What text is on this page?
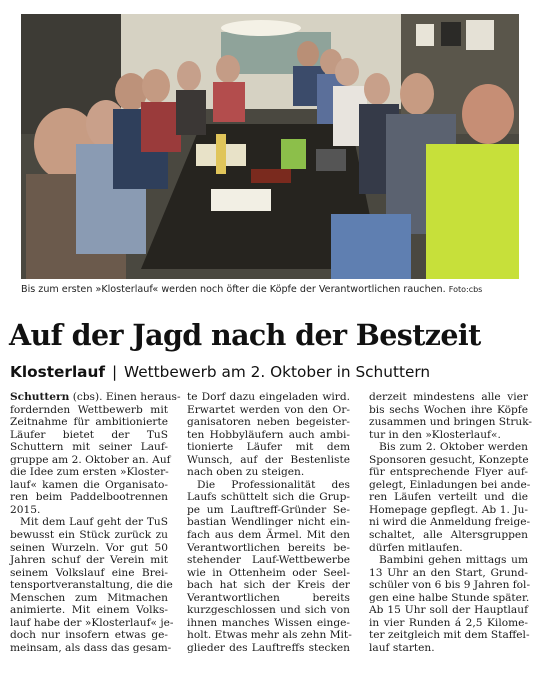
Bis zum ersten »Klosterlauf« werden noch öfter die Köpfe der Verantwortlichen rauchen. Foto:cbs
Auf der Jagd nach der Bestzeit
Klosterlauf | Wettbewerb am 2. Oktober in Schuttern
Schuttern (cbs). Einen heraus-
fordernden Wettbewerb mit
Zeitnahme für ambitionierte
Läufer bietet der TuS
Schuttern mit seiner Lauf-
gruppe am 2. Oktober an. Auf
die Idee zum ersten »Kloster-
lauf« kamen die Organisato-
ren beim Paddelbootrennen
2015.
Mit dem Lauf geht der TuS
bewusst ein Stück zurück zu
seinen Wurzeln. Vor gut 50
Jahren schuf der Verein mit
seinem Volkslauf eine Brei-
tensportveranstaltung, die die
Menschen zum Mitmachen
animierte. Mit einem Volks-
lauf habe der »Klosterlauf« je-
doch nur insofern etwas ge-
meinsam, als dass das gesam-
te Dorf dazu eingeladen wird.
Erwartet werden von den Or-
ganisatoren neben begeister-
ten Hobbyläufern auch ambi-
tionierte Läufer mit dem
Wunsch, auf der Bestenliste
nach oben zu steigen.
Die Professionalität des
Laufs schüttelt sich die Grup-
pe um Lauftreff-Gründer Se-
bastian Wendlinger nicht ein-
fach aus dem Ärmel. Mit den
Verantwortlichen bereits be-
stehender Lauf-Wettbewerbe
wie in Ottenheim oder Seel-
bach hat sich der Kreis der
Verantwortlichen bereits
kurzgeschlossen und sich von
ihnen manches Wissen einge-
holt. Etwas mehr als zehn Mit-
glieder des Lauftreffs stecken
derzeit mindestens alle vier
bis sechs Wochen ihre Köpfe
zusammen und bringen Struk-
tur in den »Klosterlauf«.
Bis zum 2. Oktober werden
Sponsoren gesucht, Konzepte
für entsprechende Flyer auf-
gelegt, Einladungen bei ande-
ren Läufen verteilt und die
Homepage gepflegt. Ab 1. Ju-
ni wird die Anmeldung freige-
schaltet, alle Altersgruppen
dürfen mitlaufen.
Bambini gehen mittags um
13 Uhr an den Start, Grund-
schüler von 6 bis 9 Jahren fol-
gen eine halbe Stunde später.
Ab 15 Uhr soll der Hauptlauf
in vier Runden á 2,5 Kilome-
ter zeitgleich mit dem Staffel-
lauf starten.
